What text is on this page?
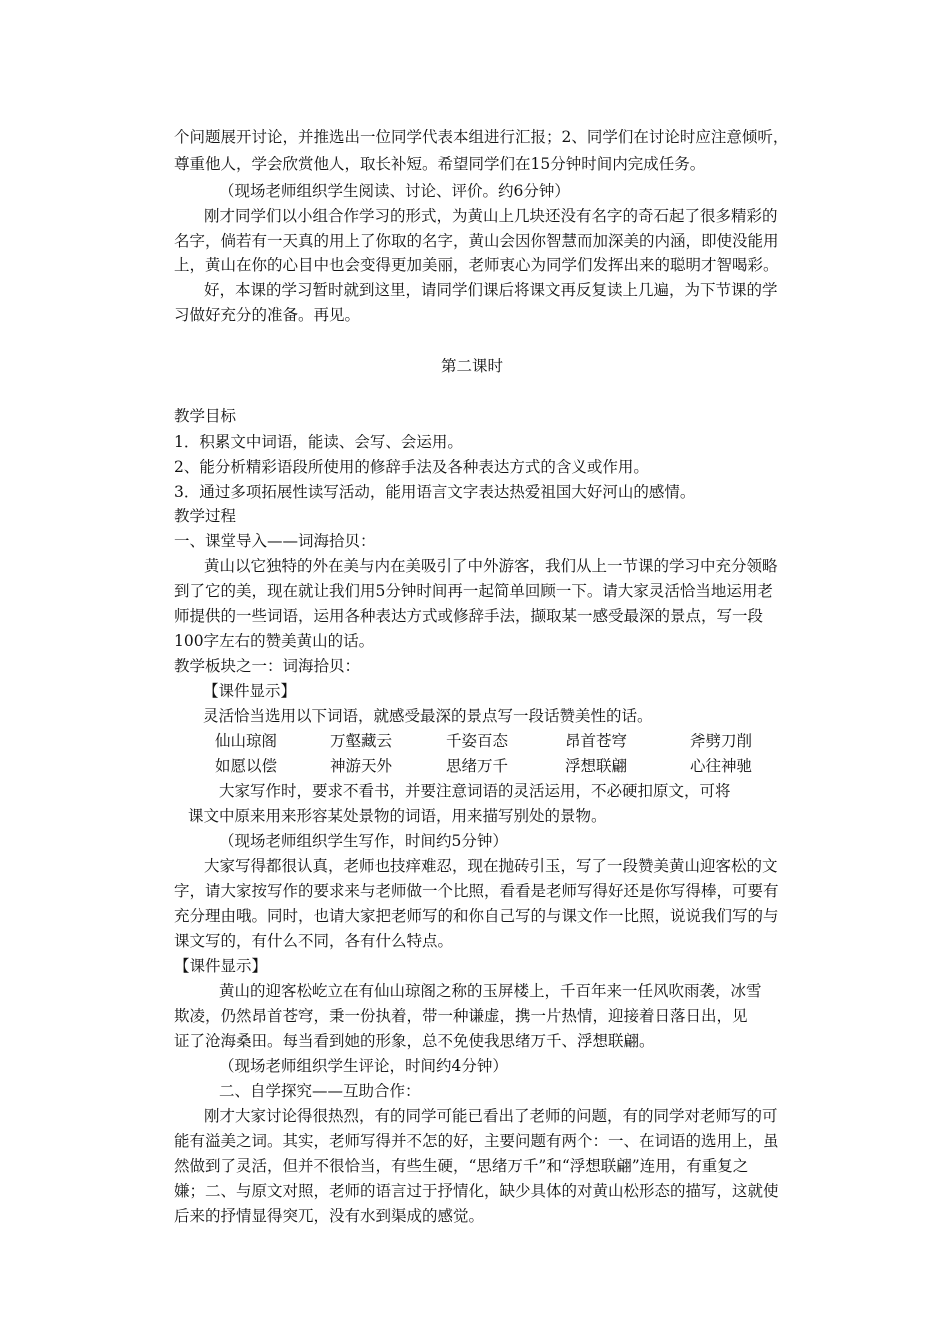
个问题展开讨论，并推选出一位同学代表本组进行汇报；2、同学们在讨论时应注意倾听，
尊重他人，学会欣赏他人，取长补短。希望同学们在15分钟时间内完成任务。
（现场老师组织学生阅读、讨论、评价。约6分钟）
刚才同学们以小组合作学习的形式，为黄山上几块还没有名字的奇石起了很多精彩的
名字，倘若有一天真的用上了你取的名字，黄山会因你智慧而加深美的内涵，即使没能用
上，黄山在你的心目中也会变得更加美丽，老师衷心为同学们发挥出来的聪明才智喝彩。
好，本课的学习暂时就到这里，请同学们课后将课文再反复读上几遍，为下节课的学
习做好充分的准备。再见。
第二课时
教学目标
1．积累文中词语，能读、会写、会运用。
2、能分析精彩语段所使用的修辞手法及各种表达方式的含义或作用。
3．通过多项拓展性读写活动，能用语言文字表达热爱祖国大好河山的感情。
教学过程
一、课堂导入——词海拾贝：
黄山以它独特的外在美与内在美吸引了中外游客，我们从上一节课的学习中充分领略
到了它的美，现在就让我们用5分钟时间再一起简单回顾一下。请大家灵活恰当地运用老
师提供的一些词语，运用各种表达方式或修辞手法，撷取某一感受最深的景点，写一段
100字左右的赞美黄山的话。
教学板块之一：词海拾贝：
【课件显示】
灵活恰当选用以下词语，就感受最深的景点写一段话赞美性的话。
仙山琼阁	万壑藏云	千姿百态	昂首苍穹	斧劈刀削
如愿以偿	神游天外	思绪万千	浮想联翩	心往神驰
大家写作时，要求不看书，并要注意词语的灵活运用，不必硬扣原文，可将
课文中原来用来形容某处景物的词语，用来描写别处的景物。
（现场老师组织学生写作，时间约5分钟）
大家写得都很认真，老师也技痒难忍，现在抛砖引玉，写了一段赞美黄山迎客松的文
字，请大家按写作的要求来与老师做一个比照，看看是老师写得好还是你写得棒，可要有
充分理由哦。同时，也请大家把老师写的和你自己写的与课文作一比照，说说我们写的与
课文写的，有什么不同，各有什么特点。
【课件显示】
黄山的迎客松屹立在有仙山琼阁之称的玉屏楼上，千百年来一任风吹雨袭，冰雪
欺凌，仍然昂首苍穹，秉一份执着，带一种谦虚，携一片热情，迎接着日落日出，见
证了沧海桑田。每当看到她的形象，总不免使我思绪万千、浮想联翩。
（现场老师组织学生评论，时间约4分钟）
二、自学探究——互助合作：
刚才大家讨论得很热烈，有的同学可能已看出了老师的问题，有的同学对老师写的可
能有溢美之词。其实，老师写得并不怎的好，主要问题有两个：一、在词语的选用上，虽
然做到了灵活，但并不很恰当，有些生硬，“思绪万千”和“浮想联翩”连用，有重复之
嫌；二、与原文对照，老师的语言过于抒情化，缺少具体的对黄山松形态的描写，这就使
后来的抒情显得突兀，没有水到渠成的感觉。
